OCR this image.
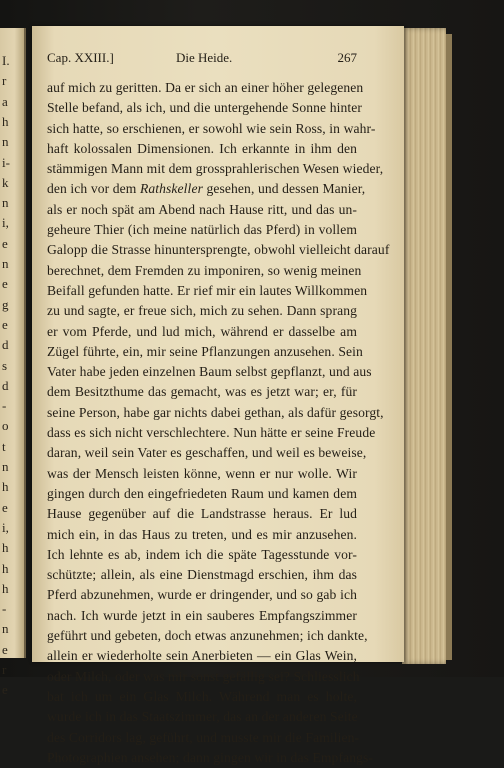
I.
r
a
h
n
i-
k
n
i,
e
n
e
g
e
d
s
d
-
o
t
n
h
e
i,
h
h
h
-
n
e
r
e
Cap. XXIII.]	Die Heide.	267
auf mich zu geritten. Da er sich an einer höher gelegenen
Stelle befand, als ich, und die untergehende Sonne hinter
sich hatte, so erschienen, er sowohl wie sein Ross, in wahr-
haft kolossalen Dimensionen. Ich erkannte in ihm den
stämmigen Mann mit dem grossprahlerischen Wesen wieder,
den ich vor dem Rathskeller gesehen, und dessen Manier,
als er noch spät am Abend nach Hause ritt, und das un-
geheure Thier (ich meine natürlich das Pferd) in vollem
Galopp die Strasse hinuntersprengte, obwohl vielleicht darauf
berechnet, dem Fremden zu imponiren, so wenig meinen
Beifall gefunden hatte. Er rief mir ein lautes Willkommen
zu und sagte, er freue sich, mich zu sehen. Dann sprang
er vom Pferde, und lud mich, während er dasselbe am
Zügel führte, ein, mir seine Pflanzungen anzusehen. Sein
Vater habe jeden einzelnen Baum selbst gepflanzt, und aus
dem Besitzthume das gemacht, was es jetzt war; er, für
seine Person, habe gar nichts dabei gethan, als dafür gesorgt,
dass es sich nicht verschlechtere. Nun hätte er seine Freude
daran, weil sein Vater es geschaffen, und weil es beweise,
was der Mensch leisten könne, wenn er nur wolle. Wir
gingen durch den eingefriedeten Raum und kamen dem
Hause gegenüber auf die Landstrasse heraus. Er lud
mich ein, in das Haus zu treten, und es mir anzusehen.
Ich lehnte es ab, indem ich die späte Tagesstunde vor-
schützte; allein, als eine Dienstmagd erschien, ihm das
Pferd abzunehmen, wurde er dringender, und so gab ich
nach. Ich wurde jetzt in ein sauberes Empfangszimmer
geführt und gebeten, doch etwas anzunehmen; ich dankte,
allein er wiederholte sein Anerbieten — ein Glas Wein,
oder Milch, oder was mir sonst gefällig sei? Schliesslich
bat ich um ein Glas Milch. Während man es holte,
wurde ich in das Staatszimmer, das an der anderen Seite
des Corridors lag, geführt, und musste mir die Familien-
Photographien ansehen; dann gingen wir in das Empfangs-
